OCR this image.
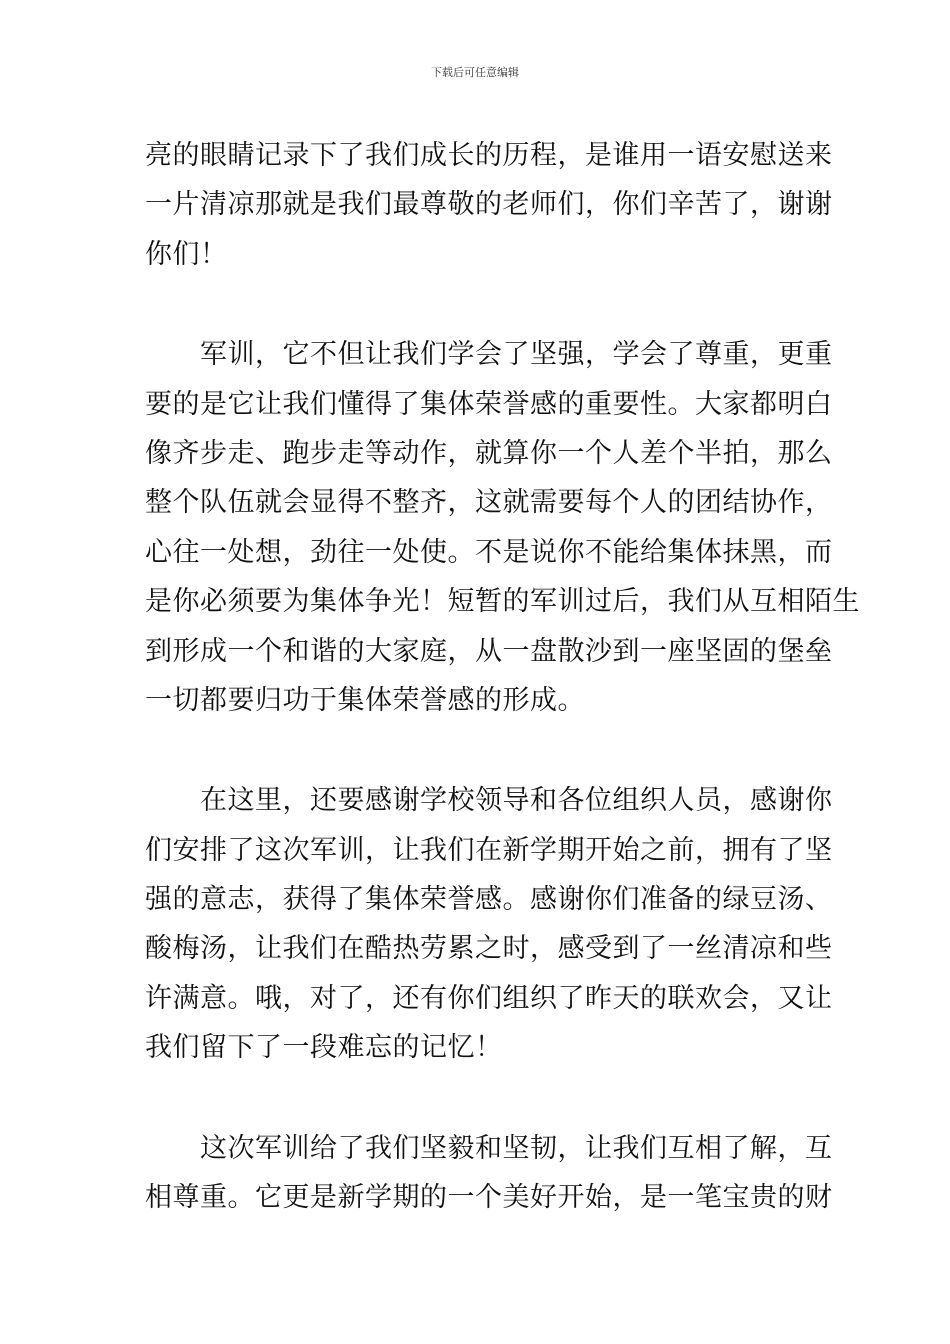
下载后可任意编辑
亮的眼睛记录下了我们成长的历程，是谁用一语安慰送来
一片清凉那就是我们最尊敬的老师们，你们辛苦了，谢谢
你们！
　　军训，它不但让我们学会了坚强，学会了尊重，更重
要的是它让我们懂得了集体荣誉感的重要性。大家都明白
像齐步走、跑步走等动作，就算你一个人差个半拍，那么
整个队伍就会显得不整齐，这就需要每个人的团结协作，
心往一处想，劲往一处使。不是说你不能给集体抹黑，而
是你必须要为集体争光！短暂的军训过后，我们从互相陌生
到形成一个和谐的大家庭，从一盘散沙到一座坚固的堡垒
一切都要归功于集体荣誉感的形成。
　　在这里，还要感谢学校领导和各位组织人员，感谢你
们安排了这次军训，让我们在新学期开始之前，拥有了坚
强的意志，获得了集体荣誉感。感谢你们准备的绿豆汤、
酸梅汤，让我们在酷热劳累之时，感受到了一丝清凉和些
许满意。哦，对了，还有你们组织了昨天的联欢会，又让
我们留下了一段难忘的记忆！
　　这次军训给了我们坚毅和坚韧，让我们互相了解，互
相尊重。它更是新学期的一个美好开始，是一笔宝贵的财
